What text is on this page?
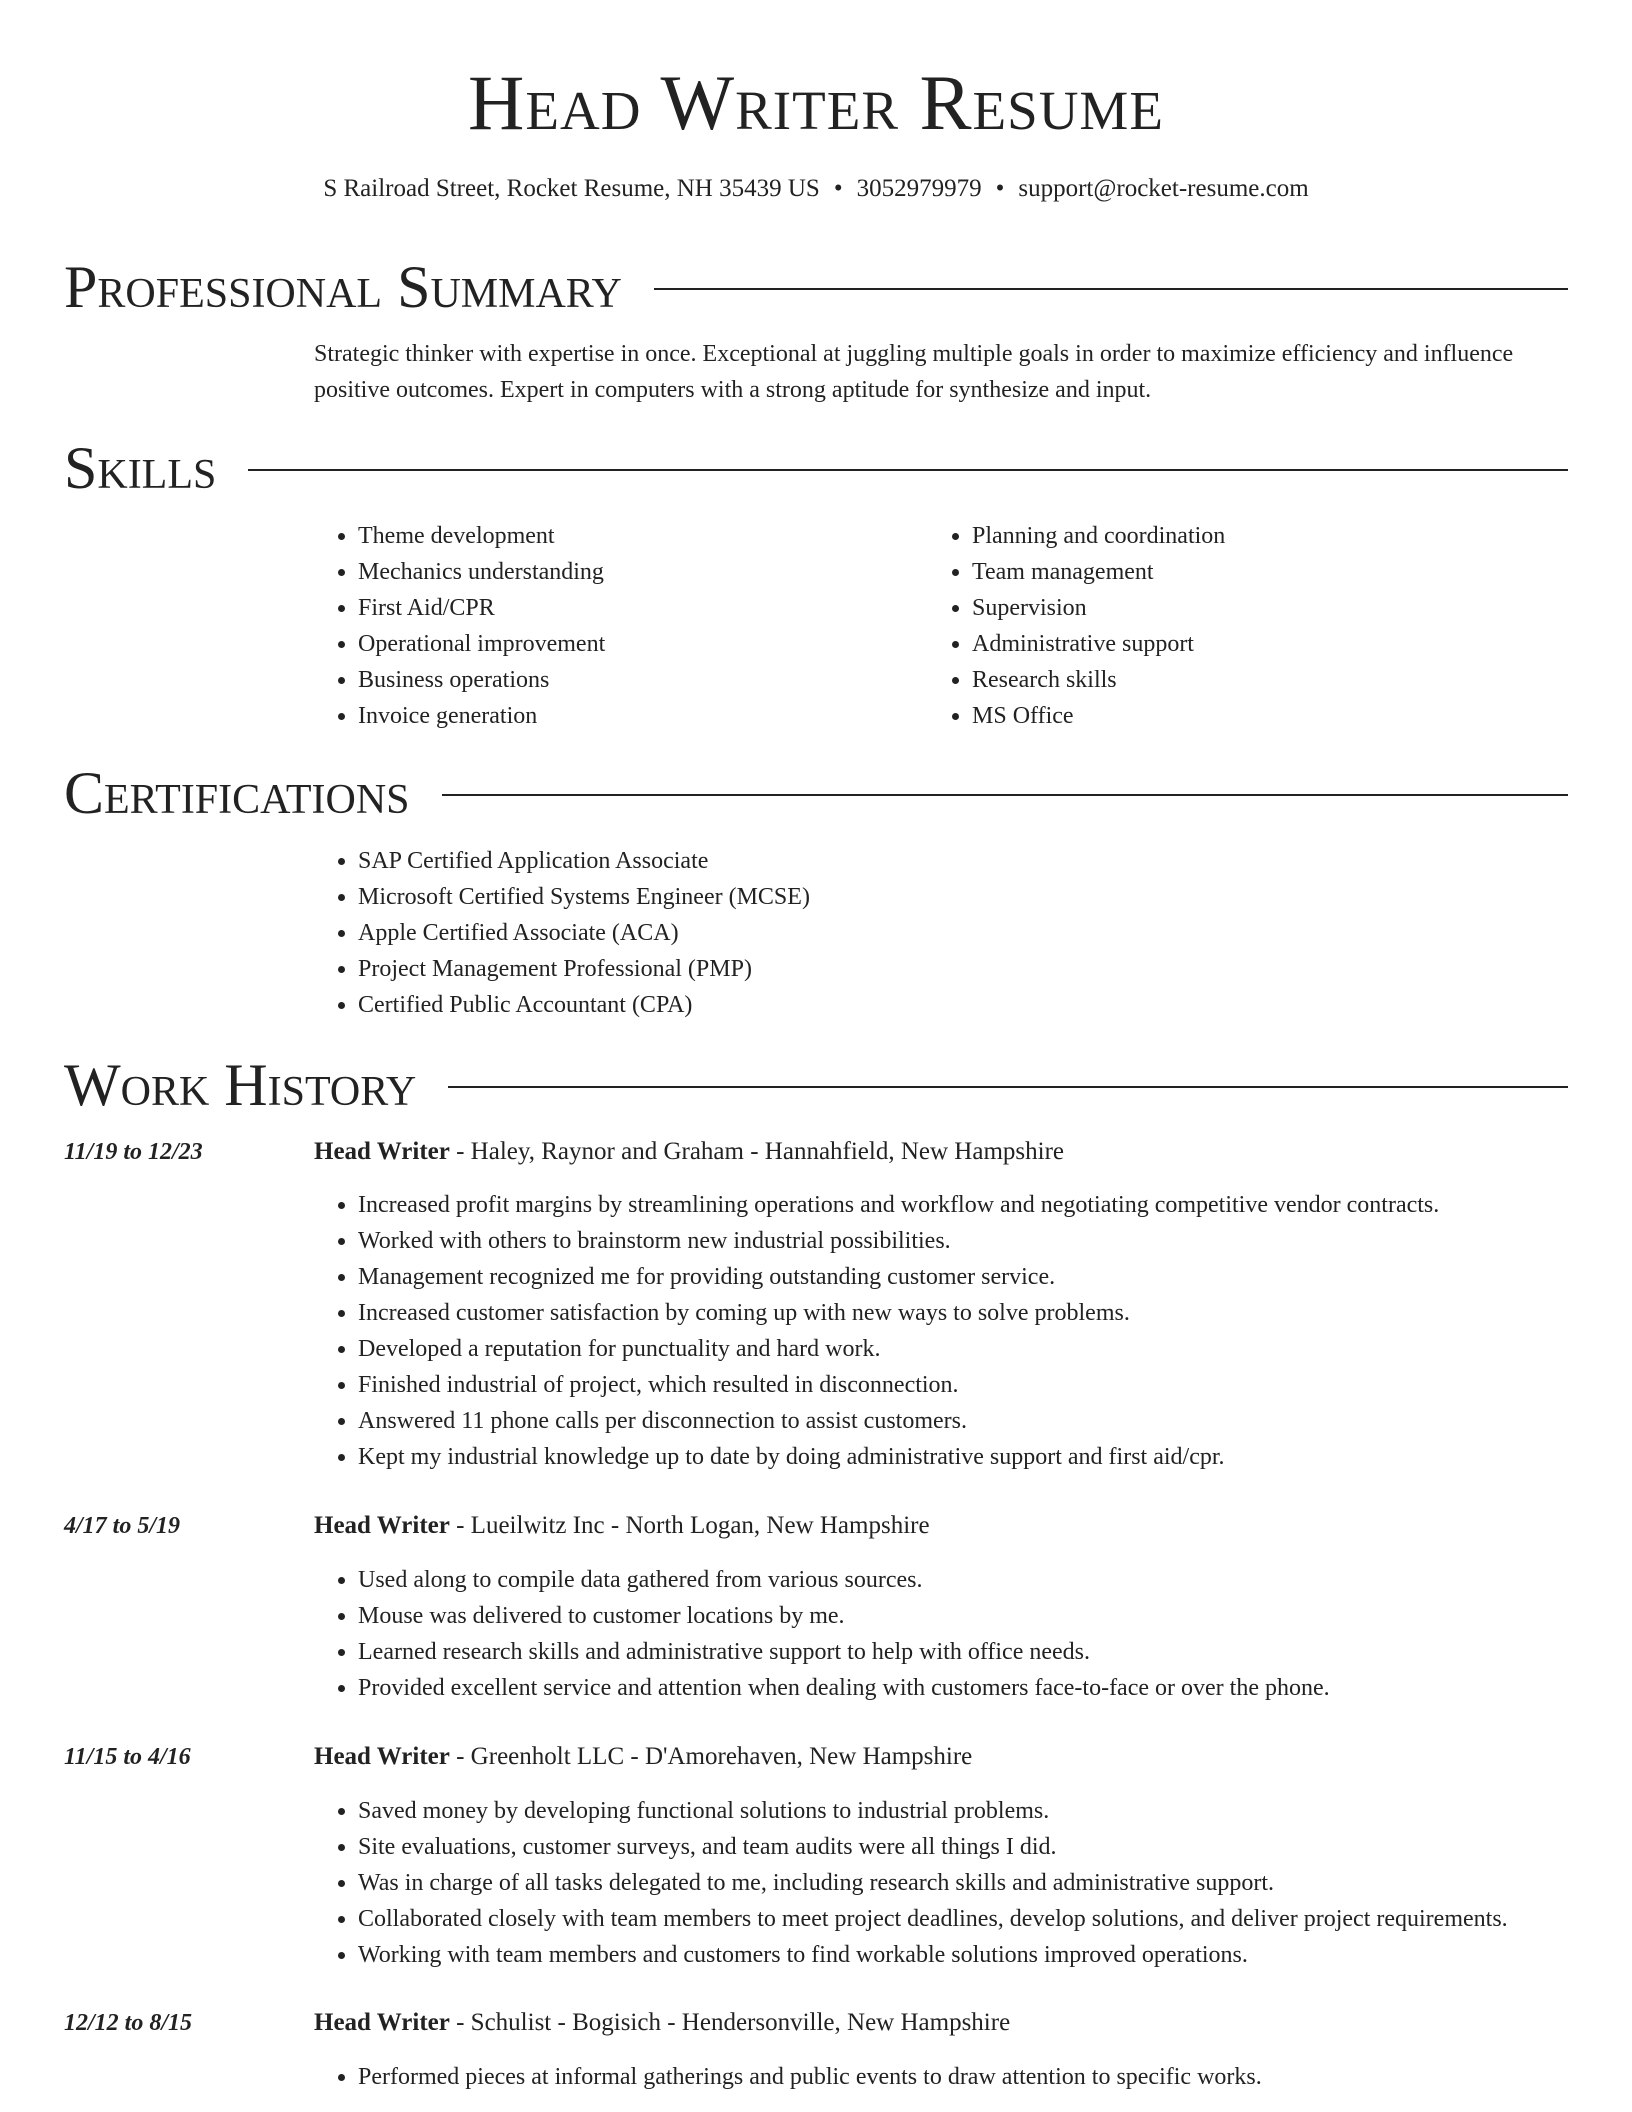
Head Writer Resume
S Railroad Street, Rocket Resume, NH 35439 US • 3052979979 • support@rocket-resume.com
Professional Summary
Strategic thinker with expertise in once. Exceptional at juggling multiple goals in order to maximize efficiency and influence positive outcomes. Expert in computers with a strong aptitude for synthesize and input.
Skills
• Theme development
• Mechanics understanding
• First Aid/CPR
• Operational improvement
• Business operations
• Invoice generation
• Planning and coordination
• Team management
• Supervision
• Administrative support
• Research skills
• MS Office
Certifications
• SAP Certified Application Associate
• Microsoft Certified Systems Engineer (MCSE)
• Apple Certified Associate (ACA)
• Project Management Professional (PMP)
• Certified Public Accountant (CPA)
Work History
11/19 to 12/23	Head Writer - Haley, Raynor and Graham - Hannahfield, New Hampshire
• Increased profit margins by streamlining operations and workflow and negotiating competitive vendor contracts.
• Worked with others to brainstorm new industrial possibilities.
• Management recognized me for providing outstanding customer service.
• Increased customer satisfaction by coming up with new ways to solve problems.
• Developed a reputation for punctuality and hard work.
• Finished industrial of project, which resulted in disconnection.
• Answered 11 phone calls per disconnection to assist customers.
• Kept my industrial knowledge up to date by doing administrative support and first aid/cpr.
4/17 to 5/19	Head Writer - Lueilwitz Inc - North Logan, New Hampshire
• Used along to compile data gathered from various sources.
• Mouse was delivered to customer locations by me.
• Learned research skills and administrative support to help with office needs.
• Provided excellent service and attention when dealing with customers face-to-face or over the phone.
11/15 to 4/16	Head Writer - Greenholt LLC - D'Amorehaven, New Hampshire
• Saved money by developing functional solutions to industrial problems.
• Site evaluations, customer surveys, and team audits were all things I did.
• Was in charge of all tasks delegated to me, including research skills and administrative support.
• Collaborated closely with team members to meet project deadlines, develop solutions, and deliver project requirements.
• Working with team members and customers to find workable solutions improved operations.
12/12 to 8/15	Head Writer - Schulist - Bogisich - Hendersonville, New Hampshire
• Performed pieces at informal gatherings and public events to draw attention to specific works.
